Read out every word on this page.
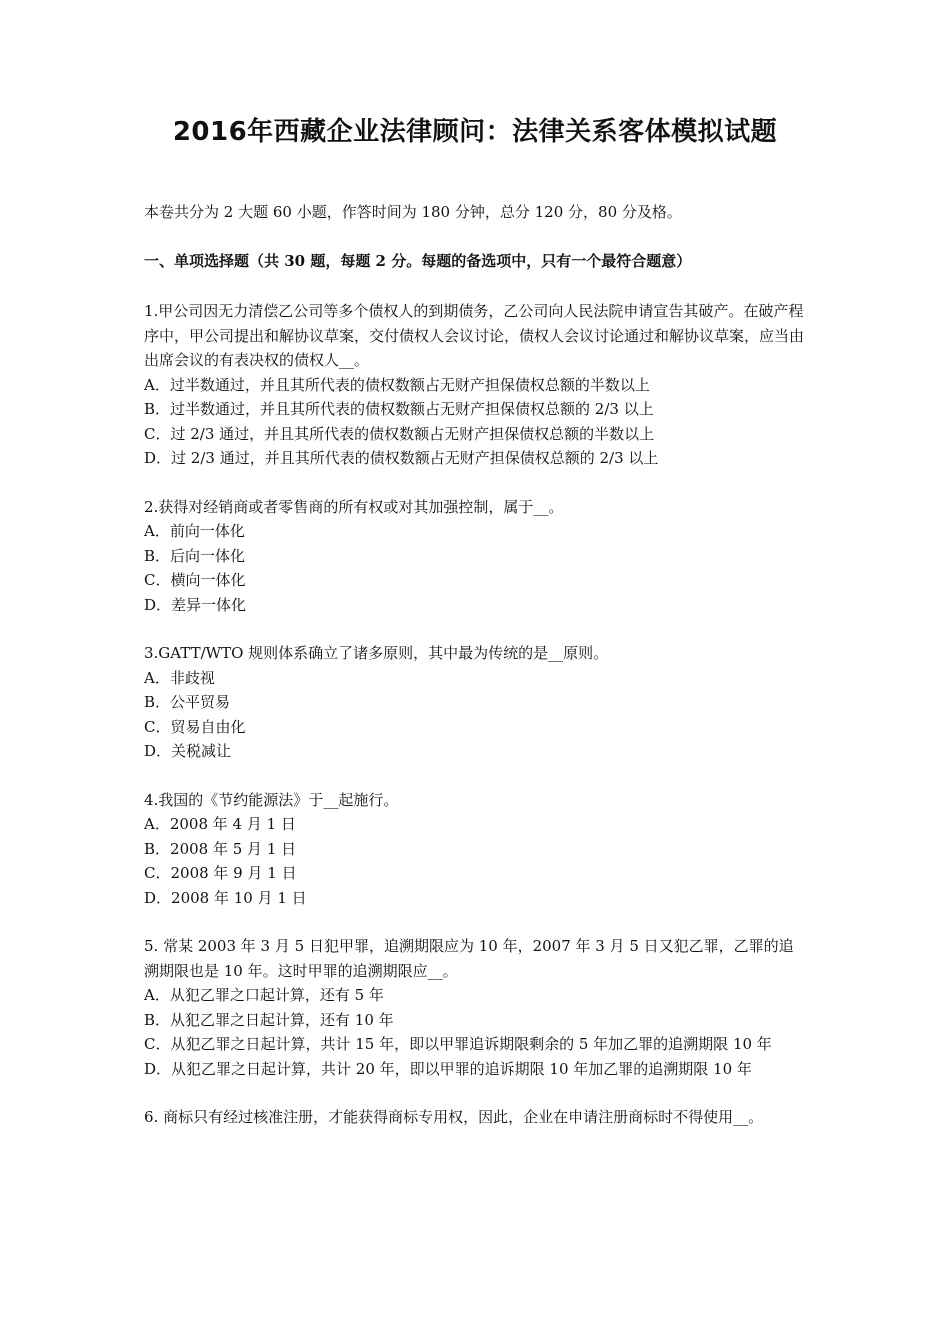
2016年西藏企业法律顾问：法律关系客体模拟试题

本卷共分为 2 大题 60 小题，作答时间为 180 分钟，总分 120 分，80 分及格。

一、单项选择题（共 30 题，每题 2 分。每题的备选项中，只有一个最符合题意）

1.甲公司因无力清偿乙公司等多个债权人的到期债务，乙公司向人民法院申请宣告其破产。在破产程序中，甲公司提出和解协议草案，交付债权人会议讨论，债权人会议讨论通过和解协议草案，应当由出席会议的有表决权的债权人__。

A．过半数通过，并且其所代表的债权数额占无财产担保债权总额的半数以上

B．过半数通过，并且其所代表的债权数额占无财产担保债权总额的 2/3 以上

C．过 2/3 通过，并且其所代表的债权数额占无财产担保债权总额的半数以上

D．过 2/3 通过，并且其所代表的债权数额占无财产担保债权总额的 2/3 以上

2.获得对经销商或者零售商的所有权或对其加强控制，属于__。

A．前向一体化

B．后向一体化

C．横向一体化

D．差异一体化

3.GATT/WTO 规则体系确立了诸多原则，其中最为传统的是__原则。

A．非歧视

B．公平贸易

C．贸易自由化

D．关税减让

4.我国的《节约能源法》于__起施行。

A．2008 年 4 月 1 日

B．2008 年 5 月 1 日

C．2008 年 9 月 1 日

D．2008 年 10 月 1 日

5. 常某 2003 年 3 月 5 日犯甲罪，追溯期限应为 10 年，2007 年 3 月 5 日又犯乙罪，乙罪的追溯期限也是 10 年。这时甲罪的追溯期限应__。

A．从犯乙罪之口起计算，还有 5 年

B．从犯乙罪之日起计算，还有 10 年

C．从犯乙罪之日起计算，共计 15 年，即以甲罪追诉期限剩余的 5 年加乙罪的追溯期限 10 年

D．从犯乙罪之日起计算，共计 20 年，即以甲罪的追诉期限 10 年加乙罪的追溯期限 10 年

6. 商标只有经过核准注册，才能获得商标专用权，因此，企业在申请注册商标时不得使用__。
